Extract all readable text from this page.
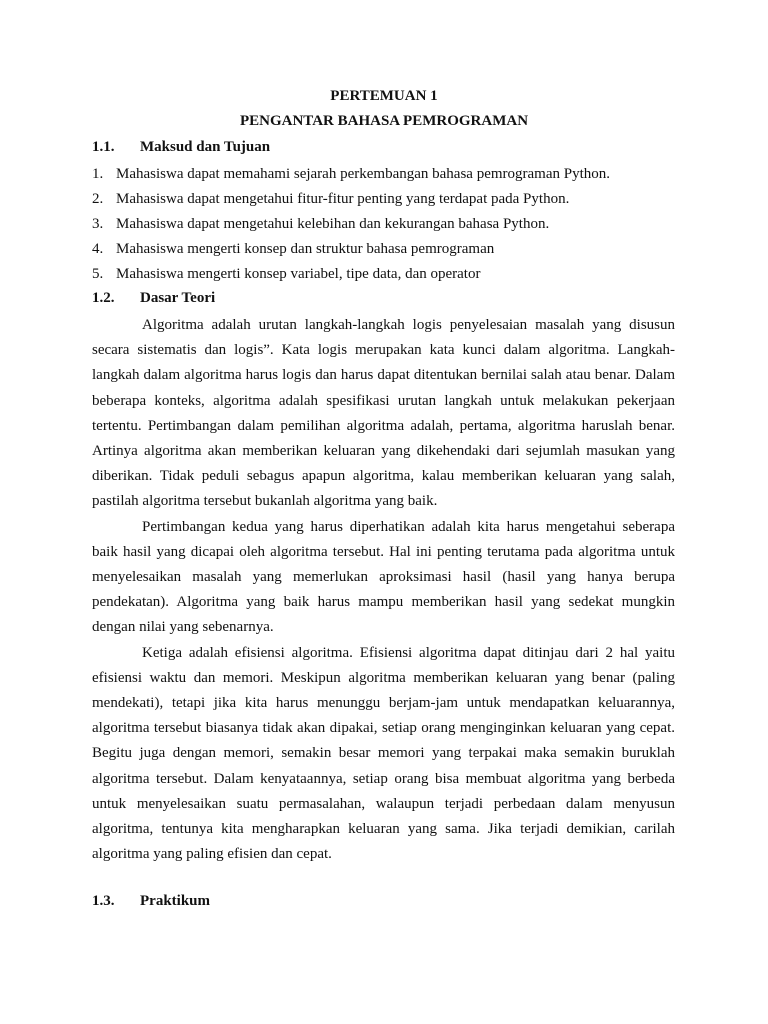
PERTEMUAN 1
PENGANTAR BAHASA PEMROGRAMAN
1.1. Maksud dan Tujuan
1. Mahasiswa dapat memahami sejarah perkembangan bahasa pemrograman Python.
2. Mahasiswa dapat mengetahui fitur-fitur penting yang terdapat pada Python.
3. Mahasiswa dapat mengetahui kelebihan dan kekurangan bahasa Python.
4. Mahasiswa mengerti konsep dan struktur bahasa pemrograman
5. Mahasiswa mengerti konsep variabel, tipe data, dan operator
1.2. Dasar Teori

Algoritma adalah urutan langkah-langkah logis penyelesaian masalah yang disusun secara sistematis dan logis”. Kata logis merupakan kata kunci dalam algoritma. Langkah-langkah dalam algoritma harus logis dan harus dapat ditentukan bernilai salah atau benar. Dalam beberapa konteks, algoritma adalah spesifikasi urutan langkah untuk melakukan pekerjaan tertentu. Pertimbangan dalam pemilihan algoritma adalah, pertama, algoritma haruslah benar. Artinya algoritma akan memberikan keluaran yang dikehendaki dari sejumlah masukan yang diberikan. Tidak peduli sebagus apapun algoritma, kalau memberikan keluaran yang salah, pastilah algoritma tersebut bukanlah algoritma yang baik.

Pertimbangan kedua yang harus diperhatikan adalah kita harus mengetahui seberapa baik hasil yang dicapai oleh algoritma tersebut. Hal ini penting terutama pada algoritma untuk menyelesaikan masalah yang memerlukan aproksimasi hasil (hasil yang hanya berupa pendekatan). Algoritma yang baik harus mampu memberikan hasil yang sedekat mungkin dengan nilai yang sebenarnya.

Ketiga adalah efisiensi algoritma. Efisiensi algoritma dapat ditinjau dari 2 hal yaitu efisiensi waktu dan memori. Meskipun algoritma memberikan keluaran yang benar (paling mendekati), tetapi jika kita harus menunggu berjam-jam untuk mendapatkan keluarannya, algoritma tersebut biasanya tidak akan dipakai, setiap orang menginginkan keluaran yang cepat. Begitu juga dengan memori, semakin besar memori yang terpakai maka semakin buruklah algoritma tersebut. Dalam kenyataannya, setiap orang bisa membuat algoritma yang berbeda untuk menyelesaikan suatu permasalahan, walaupun terjadi perbedaan dalam menyusun algoritma, tentunya kita mengharapkan keluaran yang sama. Jika terjadi demikian, carilah algoritma yang paling efisien dan cepat.

1.3. Praktikum
